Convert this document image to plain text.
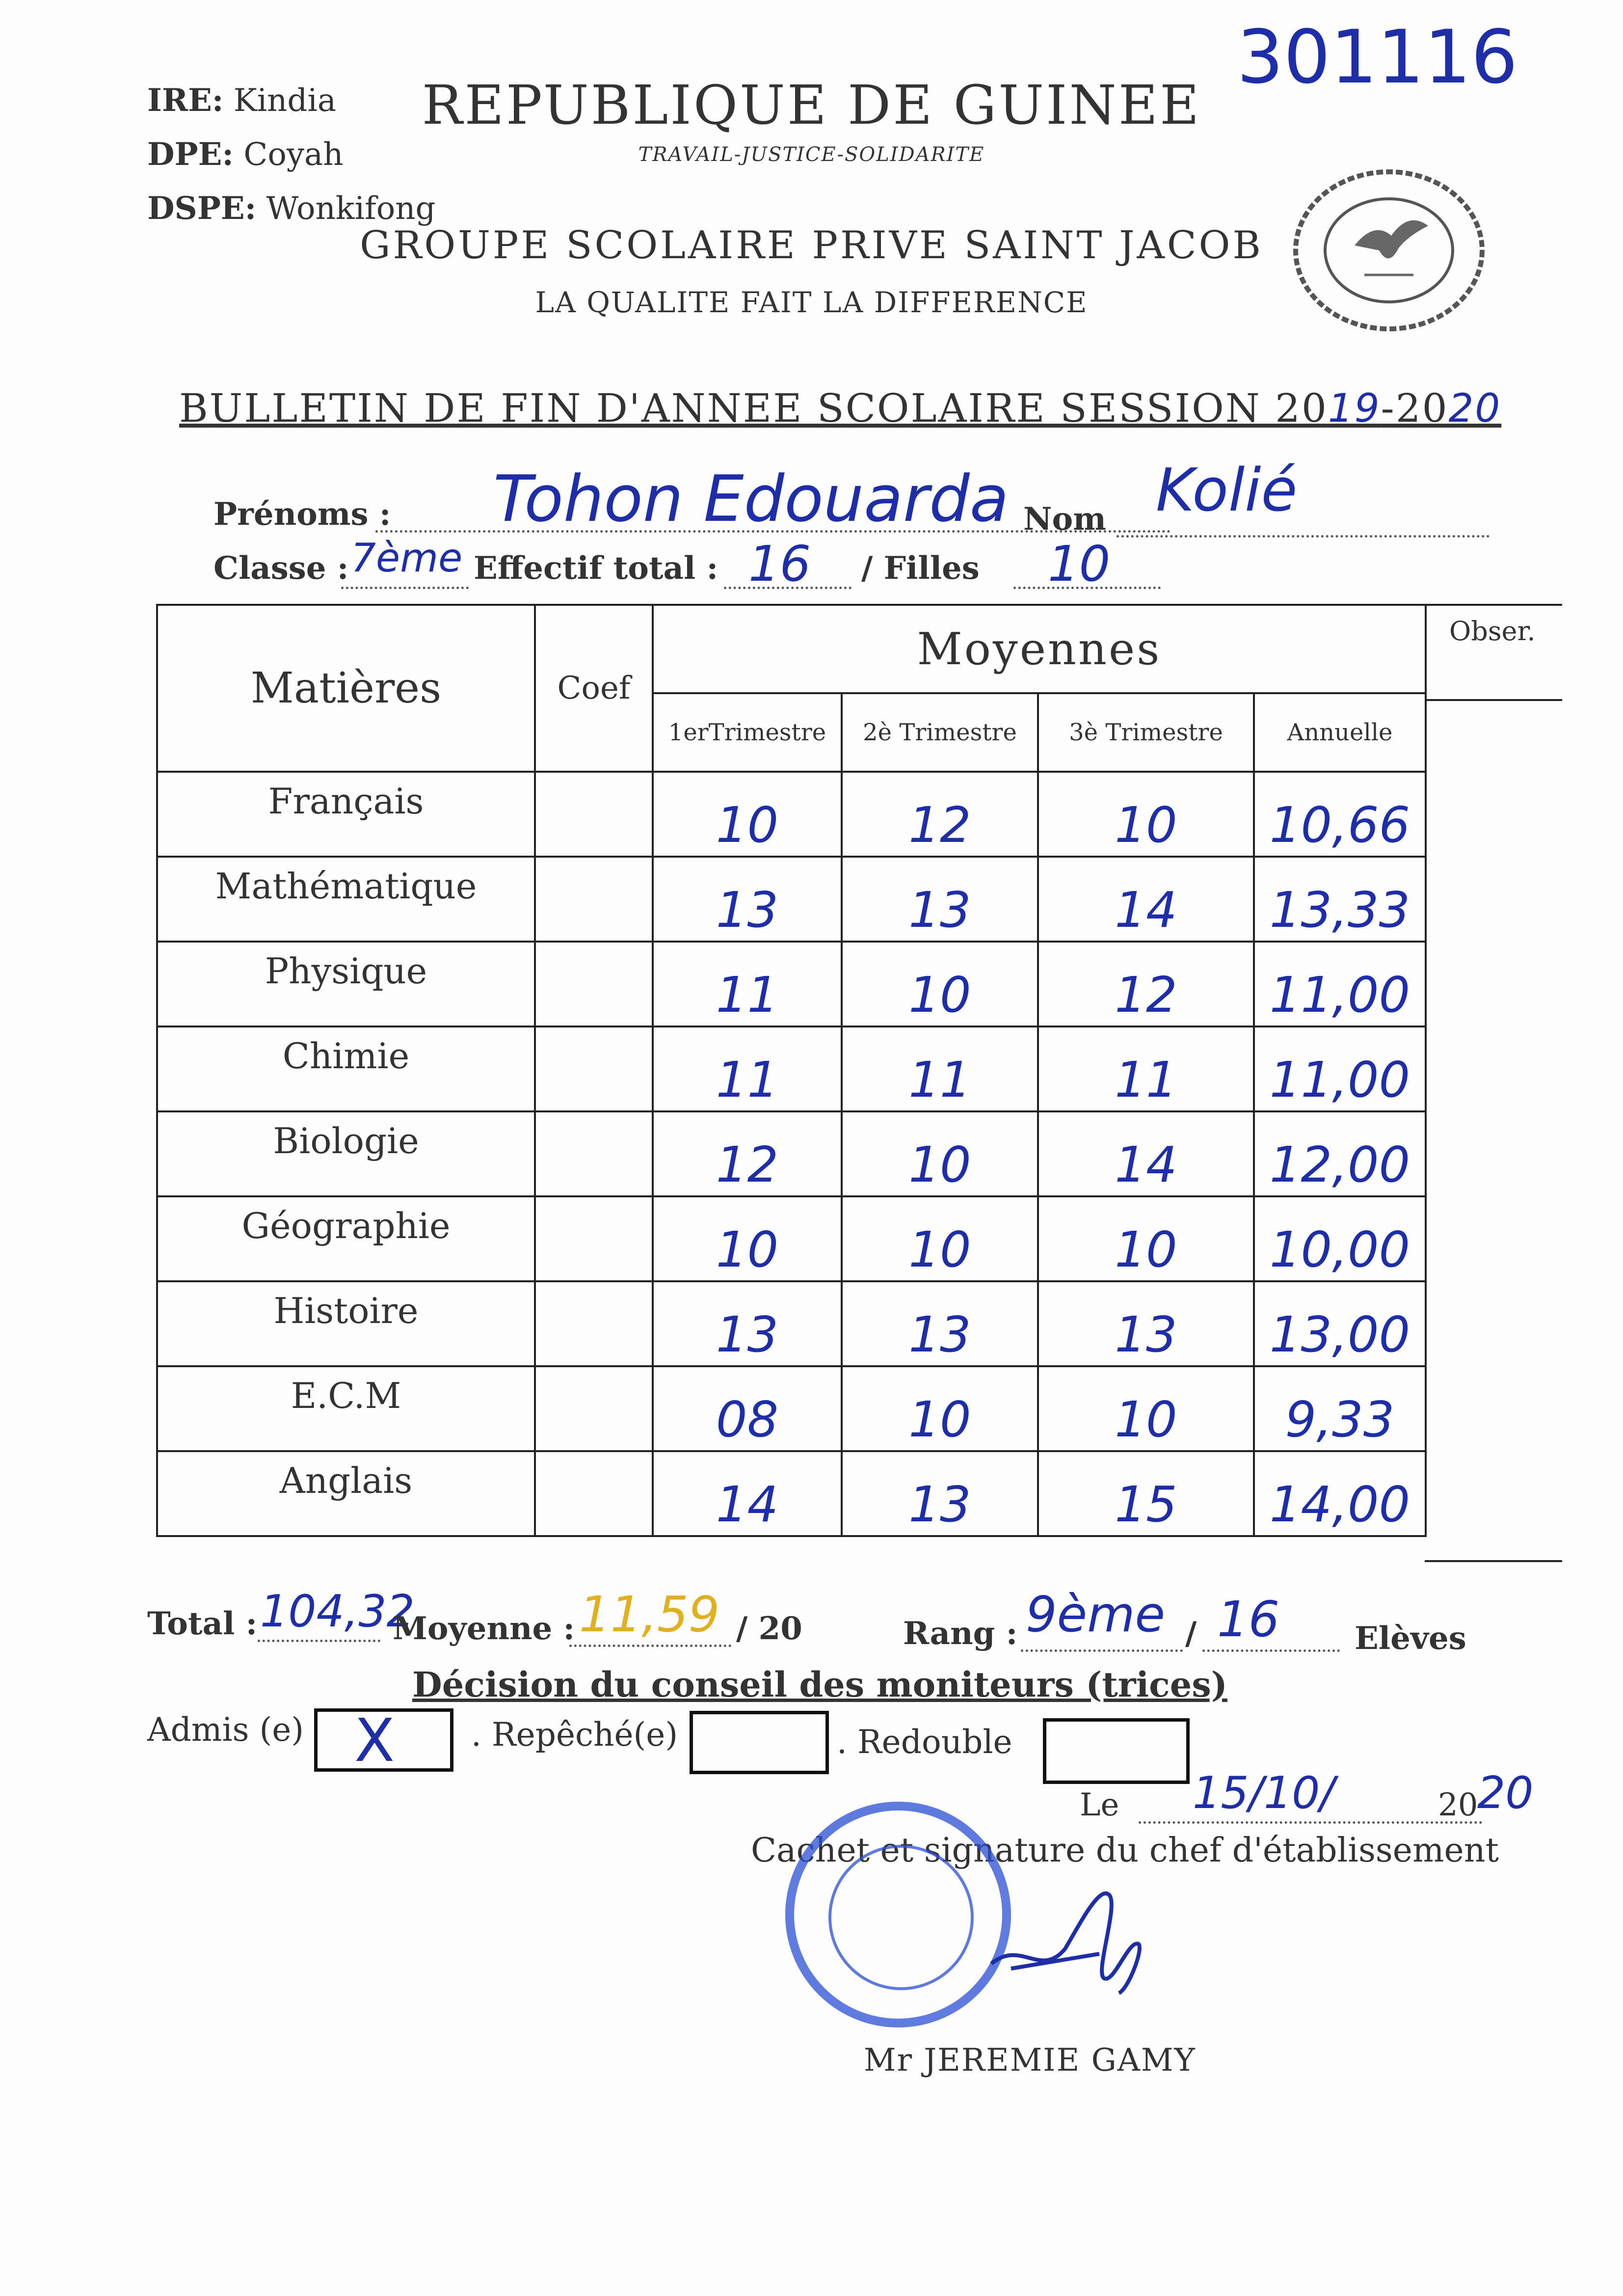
301116
IRE: Kindia
DPE: Coyah
DSPE: Wonkifong
REPUBLIQUE DE GUINEE
TRAVAIL-JUSTICE-SOLIDARITE
GROUPE SCOLAIRE PRIVE SAINT JACOB
LA QUALITE FAIT LA DIFFERENCE
BULLETIN DE FIN D'ANNEE SCOLAIRE SESSION 2019-2020
Prénoms : Tohon Edouarda Nom Kolié
Classe : 7ème Effectif total : 16 / Filles 10
Matières	Coef	Moyennes			
		1erTrimestre	2è Trimestre	3è Trimestre	Annuelle
Français		10	12	10	10,66
Mathématique		13	13	14	13,33
Physique		11	10	12	11,00
Chimie		11	11	11	11,00
Biologie		12	10	14	12,00
Géographie		10	10	10	10,00
Histoire		13	13	13	13,00
E.C.M		08	10	10	9,33
Anglais		14	13	15	14,00
Obser.
Total : 104,32
Moyenne : 11,59 / 20	Rang : 9ème / 16 Elèves
Décision du conseil des moniteurs (trices)
Admis (e) X . Repêché(e)	. Redouble
Le 15/10/	20
20
Cachet et signature du chef d'établissement
Mr JEREMIE GAMY
